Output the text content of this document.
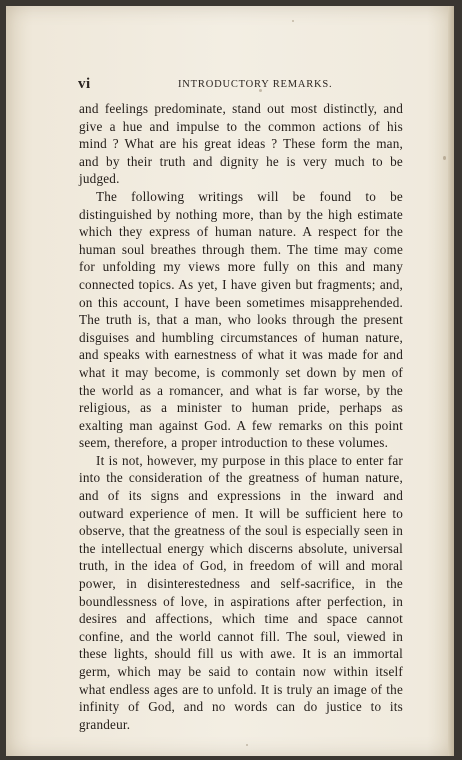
vi	INTRODUCTORY REMARKS.

and feelings predominate, stand out most distinctly, and give a hue and impulse to the common actions of his mind ? What are his great ideas ? These form the man, and by their truth and dignity he is very much to be judged.

The following writings will be found to be distinguished by nothing more, than by the high estimate which they express of human nature. A respect for the human soul breathes through them. The time may come for unfolding my views more fully on this and many connected topics. As yet, I have given but fragments; and, on this account, I have been sometimes misapprehended. The truth is, that a man, who looks through the present disguises and humbling circumstances of human nature, and speaks with earnestness of what it was made for and what it may become, is commonly set down by men of the world as a romancer, and what is far worse, by the religious, as a minister to human pride, perhaps as exalting man against God. A few remarks on this point seem, therefore, a proper introduction to these volumes.

It is not, however, my purpose in this place to enter far into the consideration of the greatness of human nature, and of its signs and expressions in the inward and outward experience of men. It will be sufficient here to observe, that the greatness of the soul is especially seen in the intellectual energy which discerns absolute, universal truth, in the idea of God, in freedom of will and moral power, in disinterestedness and self-sacrifice, in the boundlessness of love, in aspirations after perfection, in desires and affections, which time and space cannot confine, and the world cannot fill. The soul, viewed in these lights, should fill us with awe. It is an immortal germ, which may be said to contain now within itself what endless ages are to unfold. It is truly an image of the infinity of God, and no words can do justice to its grandeur.
